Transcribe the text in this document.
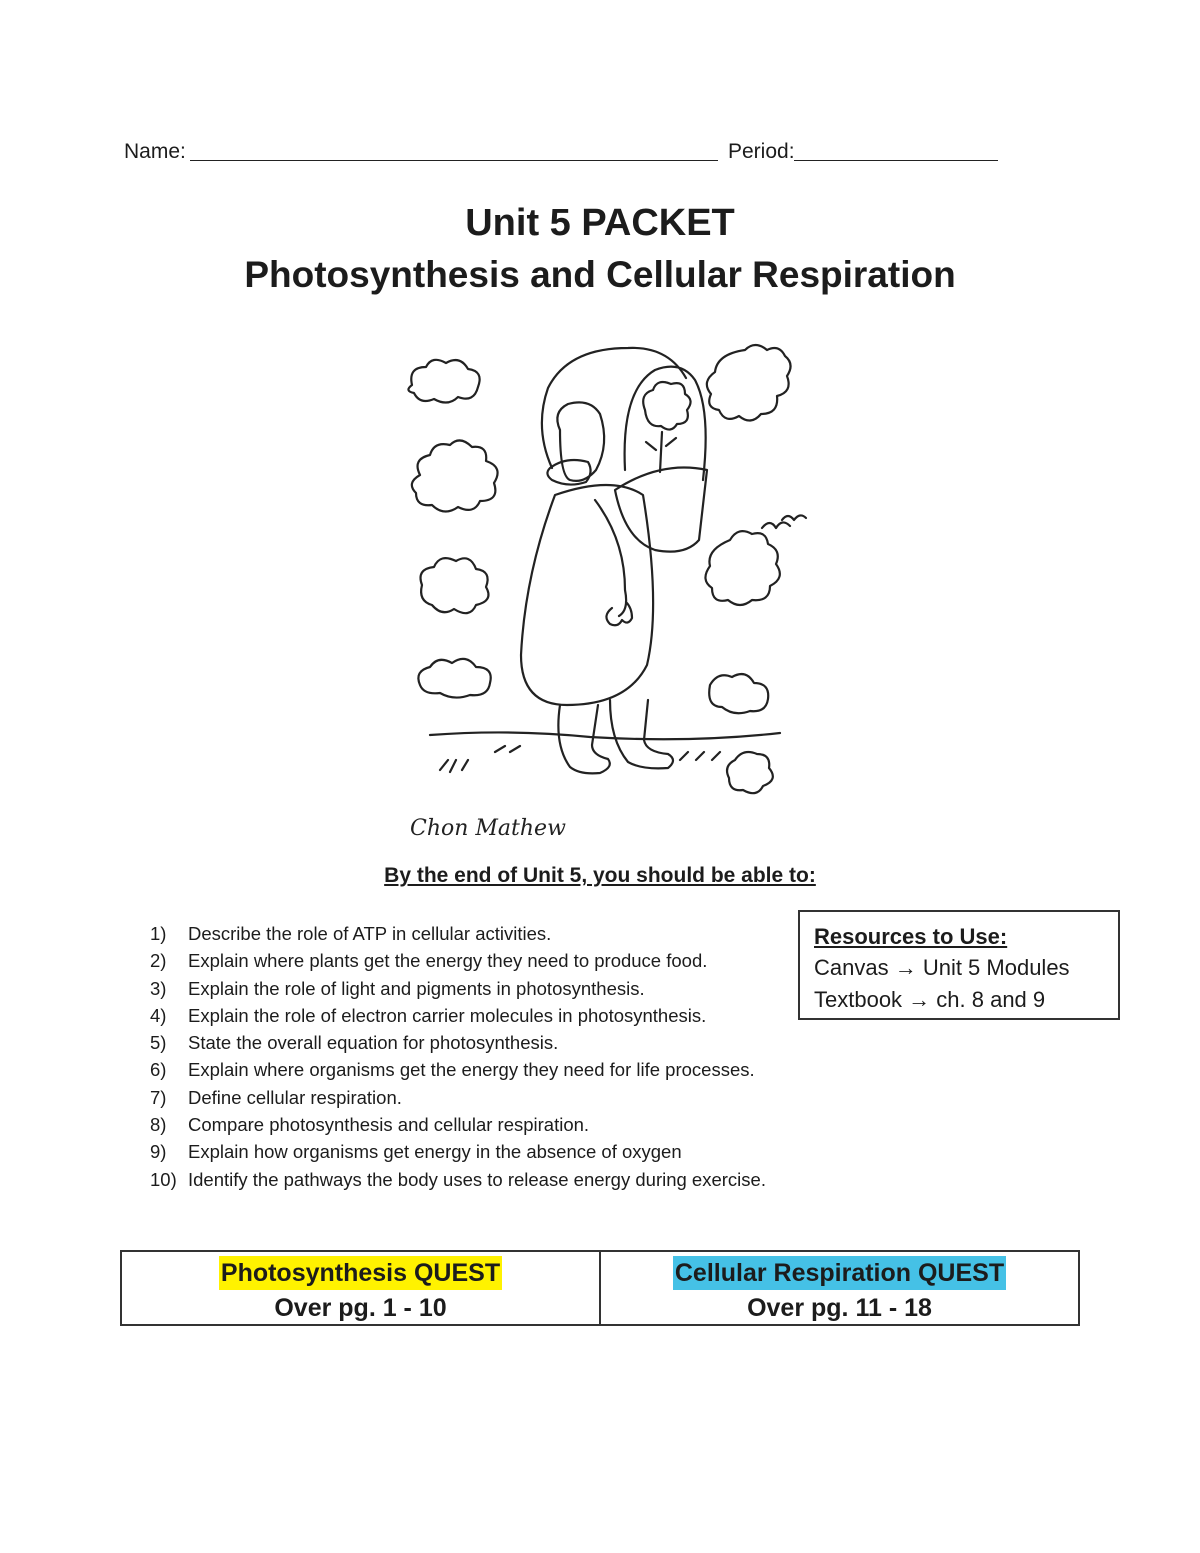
Name:	Period:
Unit 5 PACKET
Photosynthesis and Cellular Respiration
Chon Mathew
By the end of Unit 5, you should be able to:
1) Describe the role of ATP in cellular activities.
2) Explain where plants get the energy they need to produce food.
3) Explain the role of light and pigments in photosynthesis.
4) Explain the role of electron carrier molecules in photosynthesis.
5) State the overall equation for photosynthesis.
6) Explain where organisms get the energy they need for life processes.
7) Define cellular respiration.
8) Compare photosynthesis and cellular respiration.
9) Explain how organisms get energy in the absence of oxygen
10) Identify the pathways the body uses to release energy during exercise.
Resources to Use:
Canvas → Unit 5 Modules
Textbook → ch. 8 and 9
Photosynthesis QUEST
Over pg. 1 - 10
Cellular Respiration QUEST
Over pg. 11 - 18
